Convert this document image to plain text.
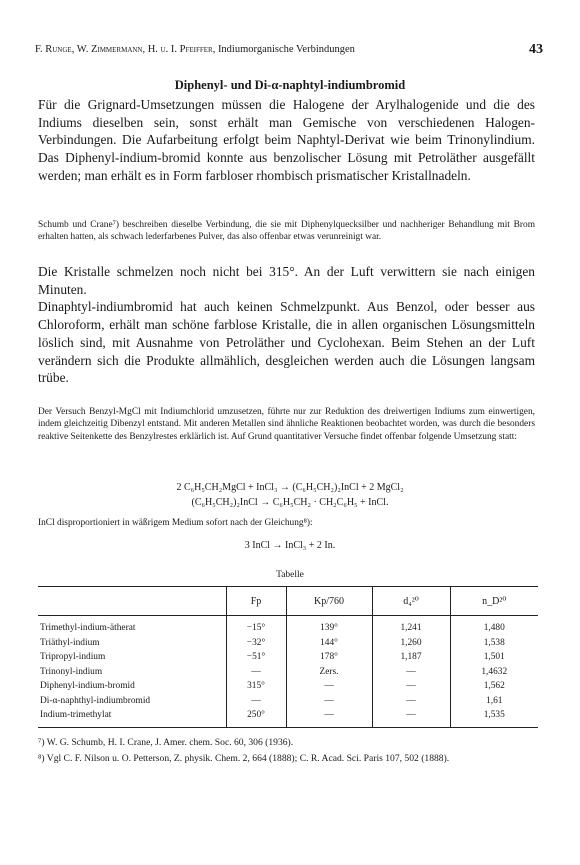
F. Runge, W. Zimmermann, H. u. I. Pfeiffer, Indiumorganische Verbindungen	43
Diphenyl- und Di-α-naphtyl-indiumbromid
Für die Grignard-Umsetzungen müssen die Halogene der Arylhalogenide und die des Indiums dieselben sein, sonst erhält man Gemische von verschiedenen Halogen-Verbindungen. Die Aufarbeitung erfolgt beim Naphtyl-Derivat wie beim Trinonylindium. Das Diphenyl-indium-bromid konnte aus benzolischer Lösung mit Petroläther ausgefällt werden; man erhält es in Form farbloser rhombisch prismatischer Kristallnadeln.
Schumb und Crane⁷) beschreiben dieselbe Verbindung, die sie mit Diphenylquecksilber und nachheriger Behandlung mit Brom erhalten hatten, als schwach lederfarbenes Pulver, das also offenbar etwas verunreinigt war.
Die Kristalle schmelzen noch nicht bei 315°. An der Luft verwittern sie nach einigen Minuten.
Dinaphtyl-indiumbromid hat auch keinen Schmelzpunkt. Aus Benzol, oder besser aus Chloroform, erhält man schöne farblose Kristalle, die in allen organischen Lösungsmitteln löslich sind, mit Ausnahme von Petroläther und Cyclohexan. Beim Stehen an der Luft verändern sich die Produkte allmählich, desgleichen werden auch die Lösungen langsam trübe.
Der Versuch Benzyl-MgCl mit Indiumchlorid umzusetzen, führte nur zur Reduktion des dreiwertigen Indiums zum einwertigen, indem gleichzeitig Dibenzyl entstand. Mit anderen Metallen sind ähnliche Reaktionen beobachtet worden, was durch die besonders reaktive Seitenkette des Benzylrestes erklärlich ist. Auf Grund quantitativer Versuche findet offenbar folgende Umsetzung statt:
2 C₆H₅CH₂MgCl + InCl₃ → (C₆H₅CH₂)₂InCl + 2 MgCl₂
(C₆H₅CH₂)₂InCl → C₆H₅CH₂ · CH₂C₆H₅ + InCl.
InCl disproportioniert in wäßrigem Medium sofort nach der Gleichung⁸):
3 InCl → InCl₃ + 2 In.
Tabelle
	Fp	Kp/760	d₄²⁰	n_D²⁰
Trimethyl-indium-ätherat	−15°	139°	1,241	1,480
Triäthyl-indium	−32°	144°	1,260	1,538
Tripropyl-indium	−51°	178°	1,187	1,501
Trinonyl-indium	—	Zers.	—	1,4632
Diphenyl-indium-bromid	315°	—	—	1,562
Di-α-naphthyl-indiumbromid	—	—	—	1,61
Indium-trimethylat	250°	—	—	1,535
⁷) W. G. Schumb, H. I. Crane, J. Amer. chem. Soc. 60, 306 (1936).
⁸) Vgl C. F. Nilson u. O. Petterson, Z. physik. Chem. 2, 664 (1888); C. R. Acad. Sci. Paris 107, 502 (1888).
